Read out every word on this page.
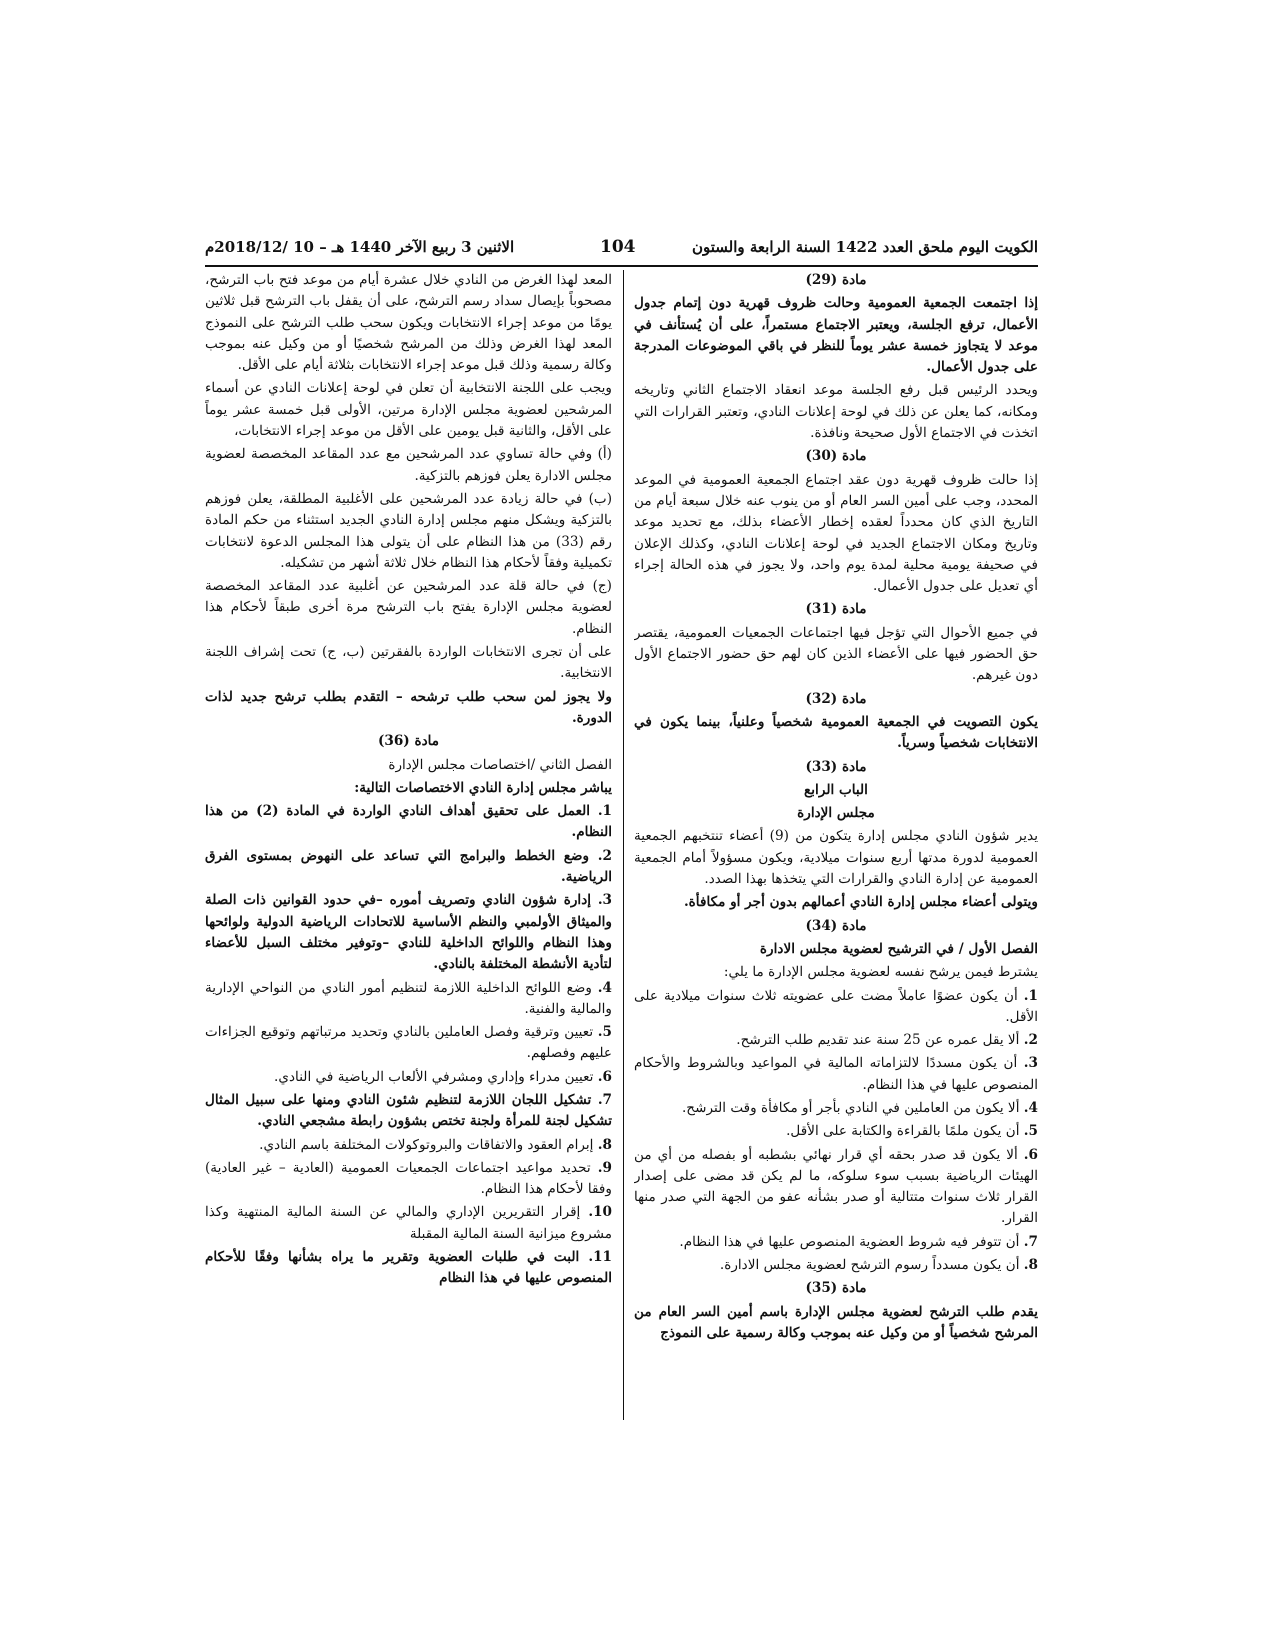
الكويت اليوم ملحق العدد 1422 السنة الرابعة والستون
104
الاثنين 3 ربيع الآخر 1440 هـ – 10 /2018/12م
مادة (29)

إذا اجتمعت الجمعية العمومية وحالت ظروف قهرية دون إتمام جدول الأعمال، ترفع الجلسة، ويعتبر الاجتماع مستمراً، على أن يُستأنف في موعد لا يتجاوز خمسة عشر يوماً للنظر في باقي الموضوعات المدرجة على جدول الأعمال.

ويحدد الرئيس قبل رفع الجلسة موعد انعقاد الاجتماع الثاني وتاريخه ومكانه، كما يعلن عن ذلك في لوحة إعلانات النادي، وتعتبر القرارات التي اتخذت في الاجتماع الأول صحيحة ونافذة.

مادة (30)

إذا حالت ظروف قهرية دون عقد اجتماع الجمعية العمومية في الموعد المحدد، وجب على أمين السر العام أو من ينوب عنه خلال سبعة أيام من التاريخ الذي كان محدداً لعقده إخطار الأعضاء بذلك، مع تحديد موعد وتاريخ ومكان الاجتماع الجديد في لوحة إعلانات النادي، وكذلك الإعلان في صحيفة يومية محلية لمدة يوم واحد، ولا يجوز في هذه الحالة إجراء أي تعديل على جدول الأعمال.

مادة (31)

في جميع الأحوال التي تؤجل فيها اجتماعات الجمعيات العمومية، يقتصر حق الحضور فيها على الأعضاء الذين كان لهم حق حضور الاجتماع الأول دون غيرهم.

مادة (32)

يكون التصويت في الجمعية العمومية شخصياً وعلنياً، بينما يكون في الانتخابات شخصياً وسرياً.

مادة (33)
الباب الرابع
مجلس الإدارة

يدير شؤون النادي مجلس إدارة يتكون من (9) أعضاء تنتخبهم الجمعية العمومية لدورة مدتها أربع سنوات ميلادية، ويكون مسؤولاً أمام الجمعية العمومية عن إدارة النادي والقرارات التي يتخذها بهذا الصدد.

ويتولى أعضاء مجلس إدارة النادي أعمالهم بدون أجر أو مكافأة.

مادة (34)

الفصل الأول / في الترشيح لعضوية مجلس الادارة

يشترط فيمن يرشح نفسه لعضوية مجلس الإدارة ما يلي:

1. أن يكون عضوًا عاملاً مضت على عضويته ثلاث سنوات ميلادية على الأقل.

2. ألا يقل عمره عن 25 سنة عند تقديم طلب الترشح.

3. أن يكون مسددًا لالتزاماته المالية في المواعيد وبالشروط والأحكام المنصوص عليها في هذا النظام.

4. ألا يكون من العاملين في النادي بأجر أو مكافأة وقت الترشح.

5. أن يكون ملمًا بالقراءة والكتابة على الأقل.

6. ألا يكون قد صدر بحقه أي قرار نهائي بشطبه أو بفصله من أي من الهيئات الرياضية بسبب سوء سلوكه، ما لم يكن قد مضى على إصدار القرار ثلاث سنوات متتالية أو صدر بشأنه عفو من الجهة التي صدر منها القرار.

7. أن تتوفر فيه شروط العضوية المنصوص عليها في هذا النظام.

8. أن يكون مسدداً رسوم الترشح لعضوية مجلس الادارة.

مادة (35)

يقدم طلب الترشح لعضوية مجلس الإدارة باسم أمين السر العام من المرشح شخصياً أو من وكيل عنه بموجب وكالة رسمية على النموذج

المعد لهذا الغرض من النادي خلال عشرة أيام من موعد فتح باب الترشح، مصحوباً بإيصال سداد رسم الترشح، على أن يقفل باب الترشح قبل ثلاثين يومًا من موعد إجراء الانتخابات ويكون سحب طلب الترشح على النموذج المعد لهذا الغرض وذلك من المرشح شخصيًا أو من وكيل عنه بموجب وكالة رسمية وذلك قبل موعد إجراء الانتخابات بثلاثة أيام على الأقل.

ويجب على اللجنة الانتخابية أن تعلن في لوحة إعلانات النادي عن أسماء المرشحين لعضوية مجلس الإدارة مرتين، الأولى قبل خمسة عشر يوماً على الأقل، والثانية قبل يومين على الأقل من موعد إجراء الانتخابات،

(أ) وفي حالة تساوي عدد المرشحين مع عدد المقاعد المخصصة لعضوية مجلس الادارة يعلن فوزهم بالتزكية.

(ب) في حالة زيادة عدد المرشحين على الأغلبية المطلقة، يعلن فوزهم بالتزكية ويشكل منهم مجلس إدارة النادي الجديد استثناء من حكم المادة رقم (33) من هذا النظام على أن يتولى هذا المجلس الدعوة لانتخابات تكميلية وفقاً لأحكام هذا النظام خلال ثلاثة أشهر من تشكيله.

(ج) في حالة قلة عدد المرشحين عن أغلبية عدد المقاعد المخصصة لعضوية مجلس الإدارة يفتح باب الترشح مرة أخرى طبقاً لأحكام هذا النظام.

على أن تجرى الانتخابات الواردة بالفقرتين (ب، ج) تحت إشراف اللجنة الانتخابية.

ولا يجوز لمن سحب طلب ترشحه – التقدم بطلب ترشح جديد لذات الدورة.

مادة (36)

الفصل الثاني /اختصاصات مجلس الإدارة

يباشر مجلس إدارة النادي الاختصاصات التالية:

1. العمل على تحقيق أهداف النادي الواردة في المادة (2) من هذا النظام.

2. وضع الخطط والبرامج التي تساعد على النهوض بمستوى الفرق الرياضية.

3. إدارة شؤون النادي وتصريف أموره –في حدود القوانين ذات الصلة والميثاق الأولمبي والنظم الأساسية للاتحادات الرياضية الدولية ولوائحها وهذا النظام واللوائح الداخلية للنادي –وتوفير مختلف السبل للأعضاء لتأدية الأنشطة المختلفة بالنادي.

4. وضع اللوائح الداخلية اللازمة لتنظيم أمور النادي من النواحي الإدارية والمالية والفنية.

5. تعيين وترقية وفصل العاملين بالنادي وتحديد مرتباتهم وتوقيع الجزاءات عليهم وفصلهم.

6. تعيين مدراء وإداري ومشرفي الألعاب الرياضية في النادي.

7. تشكيل اللجان اللازمة لتنظيم شئون النادي ومنها على سبيل المثال تشكيل لجنة للمرأة ولجنة تختص بشؤون رابطة مشجعي النادي.

8. إبرام العقود والاتفاقات والبروتوكولات المختلفة باسم النادي.

9. تحديد مواعيد اجتماعات الجمعيات العمومية (العادية – غير العادية) وفقا لأحكام هذا النظام.

10. إقرار التقريرين الإداري والمالي عن السنة المالية المنتهية وكذا مشروع ميزانية السنة المالية المقبلة

11. البت في طلبات العضوية وتقرير ما يراه بشأنها وفقًا للأحكام المنصوص عليها في هذا النظام
